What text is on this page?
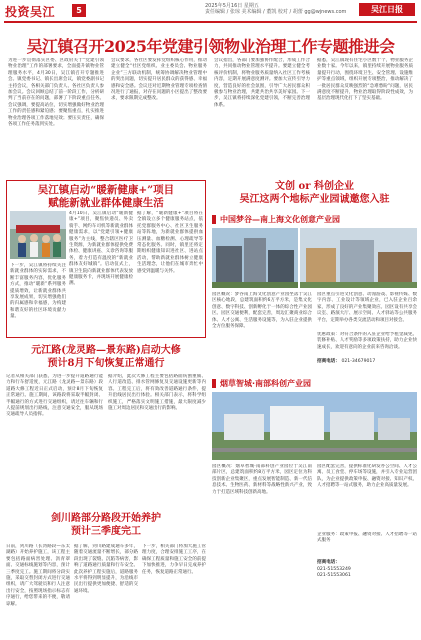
投资吴江	5	2025年5月16日 星期五
责任编辑 / 张琼 美术编辑 / 董凯 校对 / 胡蕾 gg@wjnews.com	吴江日报
吴江镇召开2025年党建引领物业治理工作专题推进会
为进一步贯彻落实区委、区政府关于“党建引领物业治理”工作的部署要求，全面提升镇物业管理服务水平，4月30日，吴江镇召开专题推进会。镇党委书记、镇长出席会议，镇党委副书记主持会议，各相关部门负责人、各社区负责人参加会议。会议回顾总结了前一阶段工作，分析研判了当前存在的问题，部署了下阶段重点任务。会议强调，要提高站位，切实增强做好物业治理工作的责任感和紧迫感；要聚焦重点，扎实推进物业治理各项工作落地见效；要压实责任，确保各项工作任务落到实处。
会议要求，各社区要发挥党组织核心作用，推动建立健全“社区党组织、业主委员会、物业服务企业”三方联动机制，统筹协调解决物业管理中的突出问题，切实提升居民群众的获得感、幸福感和安全感。会议还对近期物业管理专项检查情况进行了通报，对存在问题的小区提出了整改要求，要求限期完成整改。
会议指出，各部门要加强协作配合，形成工作合力，共同推动物业管理水平提升。要建立健全考核评价机制，将物业服务质量纳入社区工作考核内容，定期开展满意度测评。要加大宣传引导力度，营造良好的社会氛围，引导广大居民群众积极参与物业治理，共建共治共享美好家园。下一步，吴江镇将持续深化党建引领，不断完善治理体系。
据悉，吴江镇现有住宅小区数十个，物业服务企业数十家。今年以来，镇里持续开展物业服务质量提升行动，围绕环境卫生、安全管理、设施维护等重点领域，组织开展专项整治，推动解决了一批居民群众反映强烈的“急难愁盼”问题，居民满意度不断提升，物业治理取得阶段性成效，为基层治理现代化打下了坚实基础。
吴江镇启动“暖新健康+”项目
赋能新就业群体健康生活
4月10日，吴江镇启动“暖新健康+”项目，聚焦快递员、外卖骑手、网约车司机等新就业群体健康需求，以“党建引领+健康服务”为主线，整合辖区医疗卫生资源，为新就业群体提供免费体检、健康讲座、义诊咨询等服务，着力打造有温度的“新就业群体友好城镇”。启动仪式上，镇卫生院向新就业群体代表发放健康服务卡，并现场开展健康检测。
据了解，“暖新健康+”项目将在全镇设立多个健康服务站点，依托党群服务中心、社区卫生服务站等阵地，为新就业群体提供血压测量、血糖检测、心理疏导等常态化服务。同时，镇里还将定期组织健康知识进社区、进站点活动，帮助新就业群体树立健康生活理念，让他们在城市奔忙中感受到温暖与关怀。
下一步，吴江镇将持续关注新就业群体的实际需求，不断丰富服务内容，优化服务方式，推动“暖新”系列服务提质增效，让新就业群体共享发展成果，切实增强他们的归属感和幸福感，为构建和谐友好的社区环境贡献力量。
元江路(龙灵路—景东路)启动大修
预计8月下旬恢复正常通行
记者从相关部门获悉，为进一步提升道路通行能力和行车舒适度，元江路（龙灵路—景东路）段道路大修工程近日正式启动，预计8月下旬恢复正常通行。施工期间，该路段将采取半幅封闭、半幅通行的方式进行交通组织，请过往车辆和行人提前规划出行路线，注意交通安全，服从现场交通疏导人员指挥。
据介绍，此次大修工程主要包括路面铣刨重铺、人行道改造、排水管网修复及交通设施更新等内容。工程完工后，将有效改善道路通行条件，提升沿线居民出行体验。相关部门表示，将科学组织施工，严格落实文明施工措施，最大限度减少施工对周边居民和交通出行的影响。
剑川路部分路段开始养护
预计三季度完工
日前，剑川路（长湾路段—东太湖路）开始养护施工，该工程主要包括路面病害处理、沥青罩面、交通标线施划等内容，预计三季度完工。施工期间将分段实施，采取交替封闭方式进行交通组织，请广大驾驶员和行人注意出行安全，按照现场指示标志有序通行，给您带来的不便，敬请谅解。
据了解，剑川路建成通车多年，随着交通流量不断增长，部分路段出现了裂缝、沉陷等病害，影响了道路通行质量和行车安全。此次养护工程实施后，道路服务水平将得到明显提升，为沿线市民出行提供更加便捷、舒适的交通环境。
下一步，相关部门将加大施工管理力度，合理安排施工工序，在确保工程质量和施工安全的前提下加快推进，力争早日完成养护任务，恢复道路正常通行。
文创 or 科创企业
吴江这两个地标产业园诚邀您入驻
中国梦谷—南上海文化创意产业园
园区概况：梦谷南上海文化创意产业园坐落于吴江区核心地段，总建筑面积约6万平方米，是集文化创意、数字科技、创新孵化于一体的综合性产业园区。园区交通便利，配套完善，周边汇聚商业综合体、人才公寓、生活服务设施等，为入驻企业提供全方位服务保障。
园区重点引进文化创意、动漫游戏、影视传媒、数字内容、工业设计等领域企业，已入驻企业百余家，形成了良好的产业集聚效应。园区设有共享会议室、路演大厅、展示空间、人才驿站等公共服务平台，定期举办各类交流活动和项目对接会。
优惠政策：对符合条件的入驻企业给予租金减免、装修补贴、人才奖励等多项政策扶持，助力企业快速成长，欢迎有意向的企业前来咨询洽谈。
招商电话： 021-34679017
烟草智城·南部科创产业园
园区概况：烟草智城·南部科创产业园位于吴江南部片区，总建筑面积约8万平方米，园区定位为科技创新企业集聚区，重点发展智能制造、新一代信息技术、生物医药、新材料等战略性新兴产业，致力于打造区域科技创新高地。
园区配套完善，提供标准化研发办公空间、人才公寓、员工食堂、停车场等设施，并引入专业运营团队，为企业提供政策申报、融资对接、知识产权、人才招聘等一站式服务，助力企业高质量发展。
企业服务：政策申报、融资对接、人才招聘等一站式服务
招商电话：
021-51553249
021-51553061
